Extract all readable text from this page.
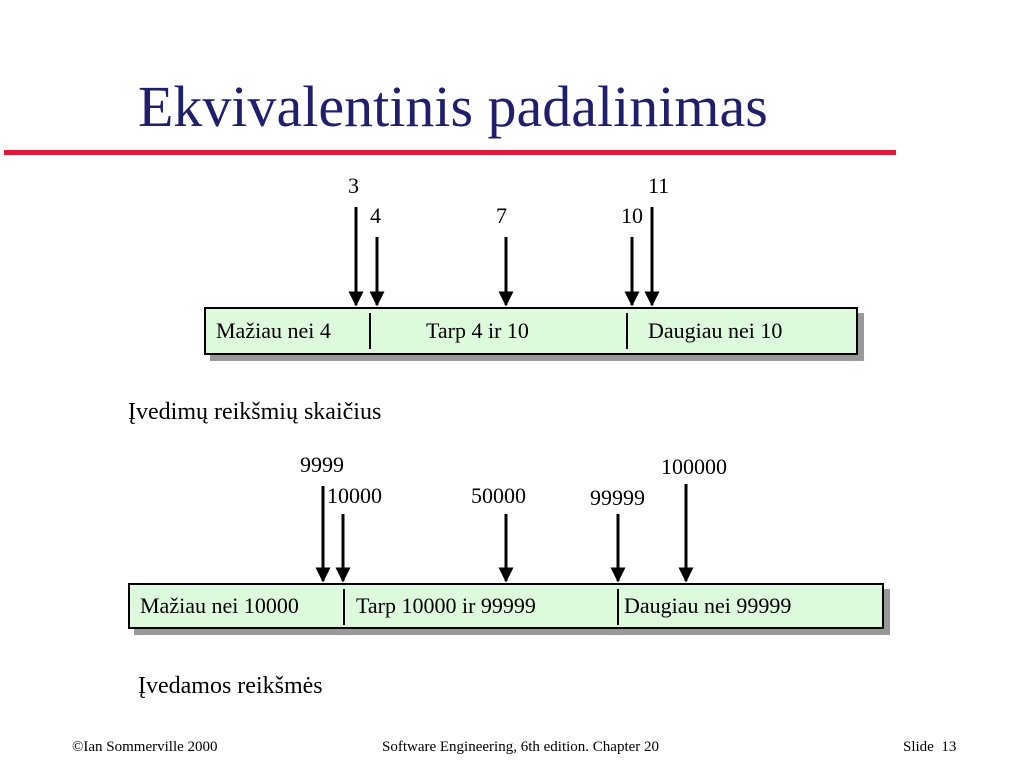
Ekvivalentinis padalinimas
3
4	7	10
11
Mažiau nei 4	Tarp 4 ir 10	Daugiau nei 10
Įvedimų reikšmių skaičius
9999
10000	50000	99999
100000
Mažiau nei 10000	Tarp 10000 ir 99999	Daugiau nei 99999
Įvedamos reikšmės
©Ian Sommerville 2000	Software Engineering, 6th edition. Chapter 20	Slide 13
